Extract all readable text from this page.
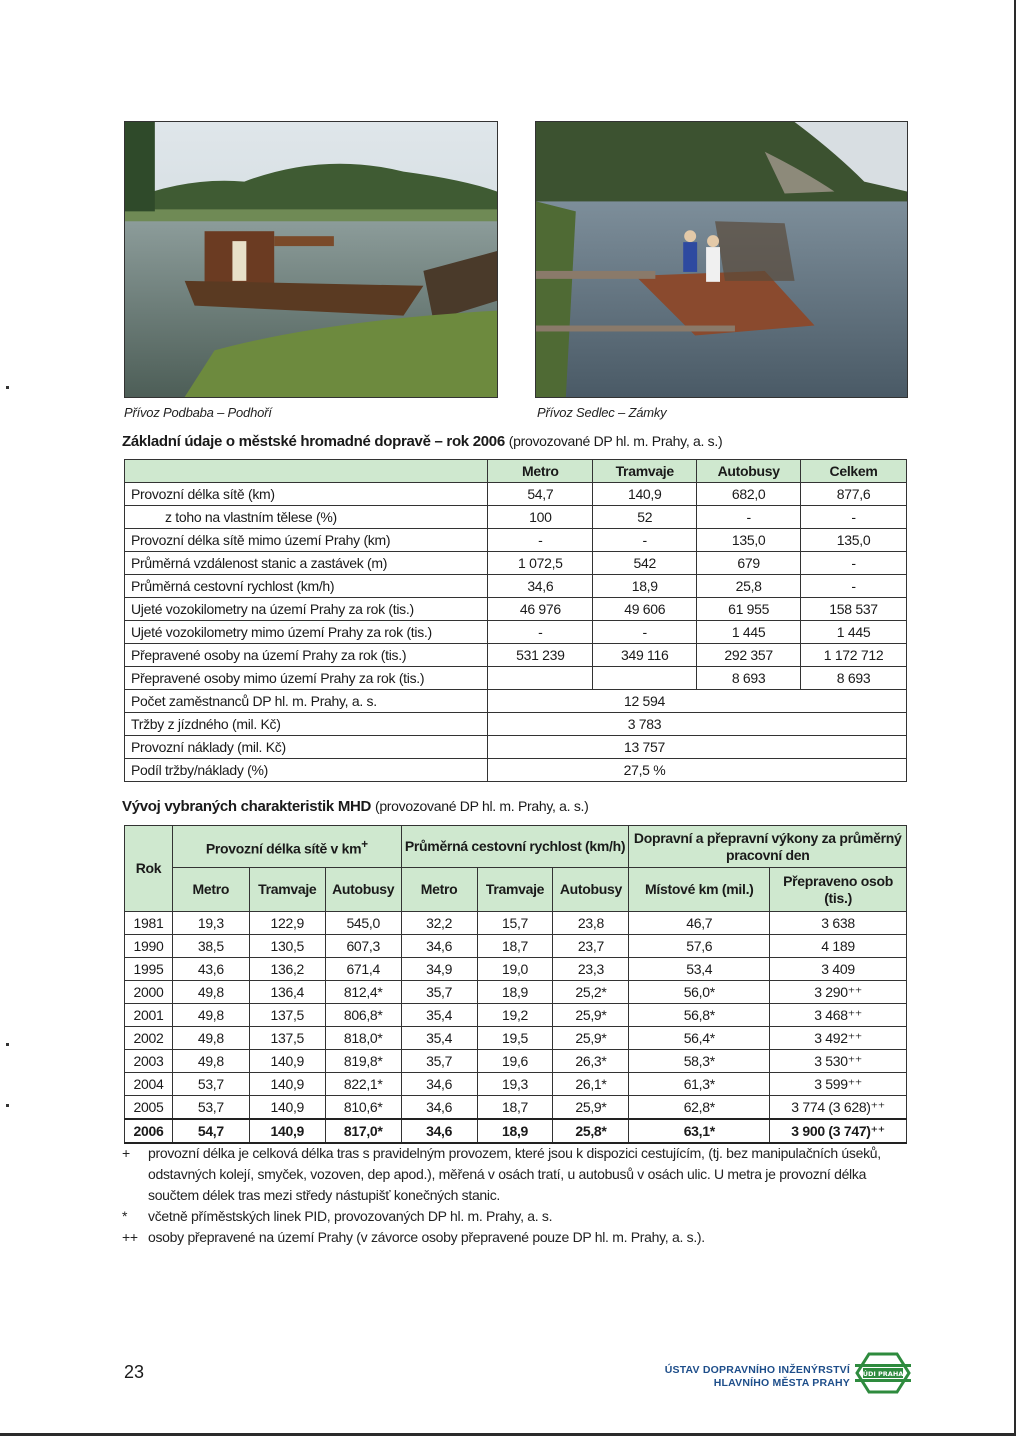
Přívoz Podbaba – Podhoří	Přívoz Sedlec – Zámky
Základní údaje o městské hromadné dopravě – rok 2006 (provozované DP hl. m. Prahy, a. s.)
	Metro	Tramvaje	Autobusy	Celkem
Provozní délka sítě (km)	54,7	140,9	682,0	877,6
z toho na vlastním tělese (%)	100	52	-	-
Provozní délka sítě mimo území Prahy (km)	-	-	135,0	135,0
Průměrná vzdálenost stanic a zastávek (m)	1 072,5	542	679	-
Průměrná cestovní rychlost (km/h)	34,6	18,9	25,8	-
Ujeté vozokilometry na území Prahy za rok (tis.)	46 976	49 606	61 955	158 537
Ujeté vozokilometry mimo území Prahy za rok (tis.)	-	-	1 445	1 445
Přepravené osoby na území Prahy za rok (tis.)	531 239	349 116	292 357	1 172 712
Přepravené osoby mimo území Prahy za rok (tis.)			8 693	8 693
Počet zaměstnanců DP hl. m. Prahy, a. s.	12 594			
Tržby z jízdného (mil. Kč)	3 783			
Provozní náklady (mil. Kč)	13 757			
Podíl tržby/náklady (%)	27,5 %			
Vývoj vybraných charakteristik MHD (provozované DP hl. m. Prahy, a. s.)
Rok	Provozní délka sítě v km+			Průměrná cestovní rychlost (km/h)			Dopravní a přepravní výkony za průměrný pracovní den	
	Metro	Tramvaje	Autobusy	Metro	Tramvaje	Autobusy	Místové km (mil.)	Přepraveno osob (tis.)
1981	19,3	122,9	545,0	32,2	15,7	23,8	46,7	3 638
1990	38,5	130,5	607,3	34,6	18,7	23,7	57,6	4 189
1995	43,6	136,2	671,4	34,9	19,0	23,3	53,4	3 409
2000	49,8	136,4	812,4*	35,7	18,9	25,2*	56,0*	3 290⁺⁺
2001	49,8	137,5	806,8*	35,4	19,2	25,9*	56,8*	3 468⁺⁺
2002	49,8	137,5	818,0*	35,4	19,5	25,9*	56,4*	3 492⁺⁺
2003	49,8	140,9	819,8*	35,7	19,6	26,3*	58,3*	3 530⁺⁺
2004	53,7	140,9	822,1*	34,6	19,3	26,1*	61,3*	3 599⁺⁺
2005	53,7	140,9	810,6*	34,6	18,7	25,9*	62,8*	3 774 (3 628)⁺⁺
2006	54,7	140,9	817,0*	34,6	18,9	25,8*	63,1*	3 900 (3 747)⁺⁺
+	provozní délka je celková délka tras s pravidelným provozem, které jsou k dispozici cestujícím, (tj. bez manipulačních úseků, odstavných kolejí, smyček, vozoven, dep apod.), měřená v osách tratí, u autobusů v osách ulic. U metra je provozní délka součtem délek tras mezi středy nástupišť konečných stanic.
*	včetně příměstských linek PID, provozovaných DP hl. m. Prahy, a. s.
++ osoby přepravené na území Prahy (v závorce osoby přepravené pouze DP hl. m. Prahy, a. s.).
23	ÚSTAV DOPRAVNÍHO INŽENÝRSTVÍ
HLAVNÍHO MĚSTA PRAHY
ÚDI PRAHA
